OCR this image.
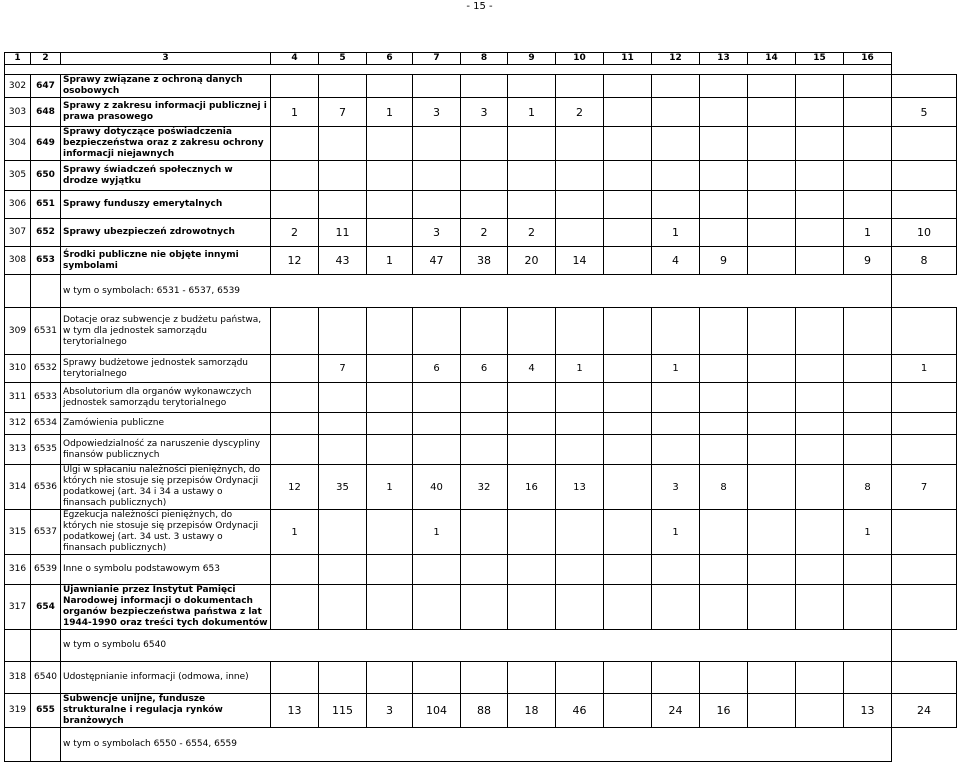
- 15 -
1	2	3	4	5	6	7	8	9	10	11	12	13	14	15	16	

302	647	Sprawy związane z ochroną danych osobowych														
303	648	Sprawy z zakresu informacji publicznej i prawa prasowego	1	7	1	3	3	1	2							5
304	649	Sprawy dotyczące poświadczenia bezpieczeństwa oraz z zakresu ochrony informacji niejawnych														
305	650	Sprawy świadczeń społecznych w drodze wyjątku														
306	651	Sprawy funduszy emerytalnych														
307	652	Sprawy ubezpieczeń zdrowotnych	2	11		3	2	2			1				1	10
308	653	Środki publiczne nie objęte innymi symbolami	12	43	1	47	38	20	14		4	9			9	8
		w tym o symbolach: 6531 - 6537, 6539														
309	6531	Dotacje oraz subwencje z budżetu państwa, w tym dla jednostek samorządu terytorialnego														
310	6532	Sprawy budżetowe jednostek samorządu terytorialnego		7		6	6	4	1		1					1
311	6533	Absolutorium dla organów wykonawczych jednostek samorządu terytorialnego														
312	6534	Zamówienia publiczne														
313	6535	Odpowiedzialność za naruszenie dyscypliny finansów publicznych														
314	6536	Ulgi w spłacaniu należności pieniężnych, do których nie stosuje się przepisów Ordynacji podatkowej (art. 34 i 34 a ustawy o finansach publicznych)	12	35	1	40	32	16	13		3	8			8	7
315	6537	Egzekucja należności pieniężnych, do których nie stosuje się przepisów Ordynacji podatkowej (art. 34 ust. 3 ustawy o finansach publicznych)	1			1					1				1	
316	6539	Inne o symbolu podstawowym 653														
317	654	Ujawnianie przez Instytut Pamięci Narodowej informacji o dokumentach organów bezpieczeństwa państwa z lat 1944-1990 oraz treści tych dokumentów														
		w tym o symbolu 6540														
318	6540	Udostępnianie informacji (odmowa, inne)														
319	655	Subwencje unijne, fundusze strukturalne i regulacja rynków branżowych	13	115	3	104	88	18	46		24	16			13	24
		w tym o symbolach 6550 - 6554, 6559														
